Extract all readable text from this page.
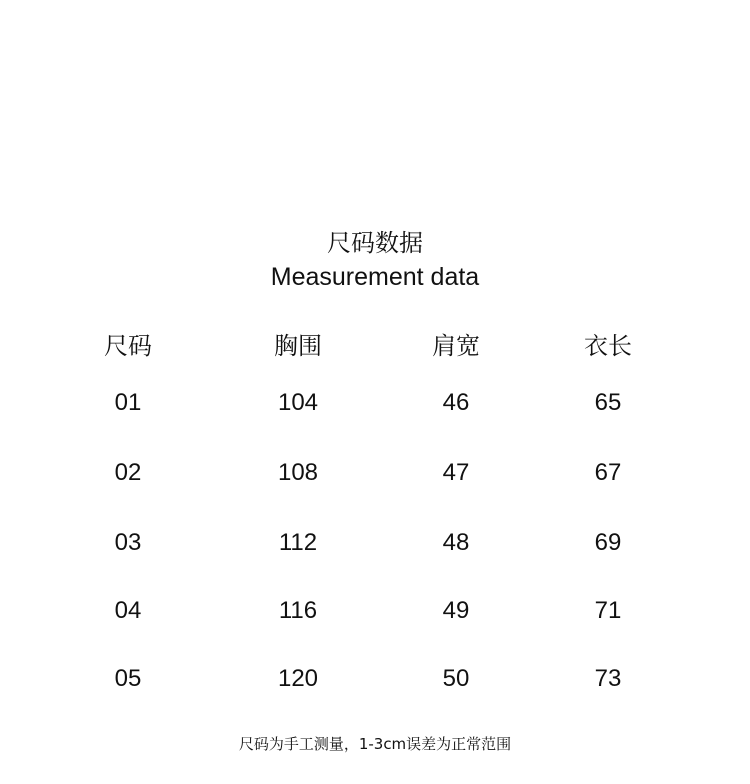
尺码数据
Measurement data
尺码	胸围	肩宽	衣长
01	104	46	65
02	108	47	67
03	112	48	69
04	116	49	71
05	120	50	73
尺码为手工测量，1-3cm误差为正常范围
